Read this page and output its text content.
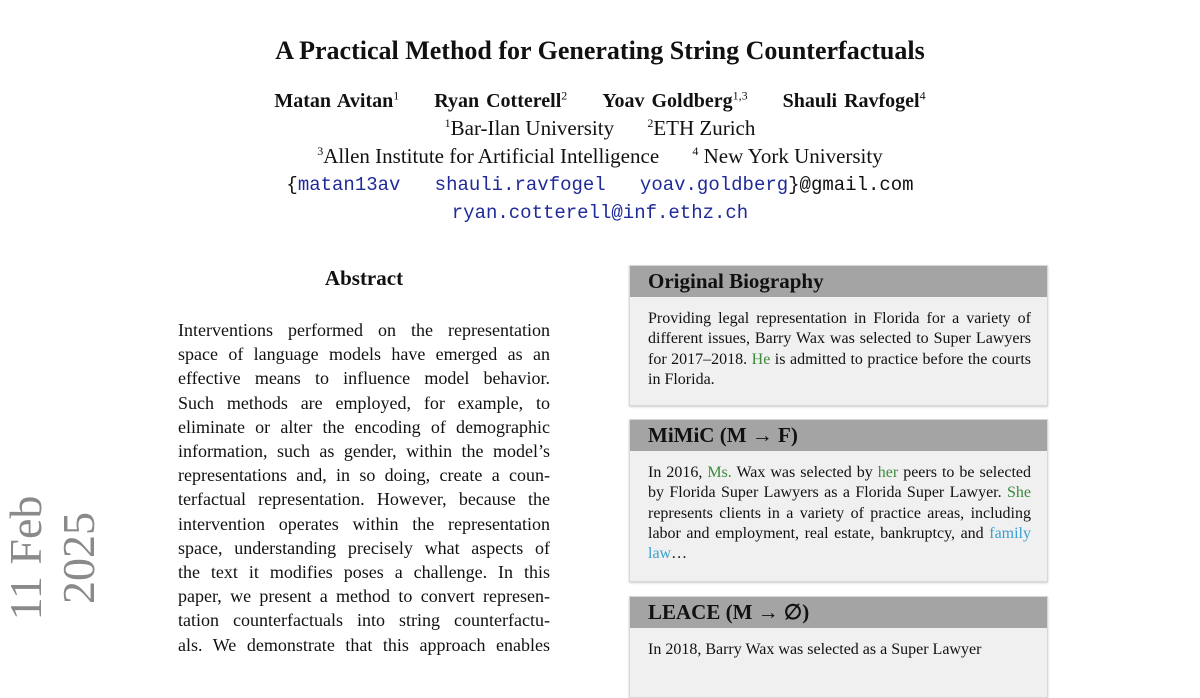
A Practical Method for Generating String Counterfactuals
Matan Avitan$^1$ Ryan Cotterell$^2$ Yoav Goldberg$^{1,3}$ Shauli Ravfogel$^4$
$^1$Bar-Ilan University	$^2$ETH Zurich
$^3$Allen Institute for Artificial Intelligence	$^4$ New York University
{matan13av shauli.ravfogel yoav.goldberg}@gmail.com
ryan.cotterell@inf.ethz.ch
11 Feb 2025
Abstract
Interventions performed on the representation
space of language models have emerged as an
effective means to influence model behavior.
Such methods are employed, for example, to
eliminate or alter the encoding of demographic
information, such as gender, within the model’s
representations and, in so doing, create a coun-
terfactual representation. However, because the
intervention operates within the representation
space, understanding precisely what aspects of
the text it modifies poses a challenge. In this
paper, we present a method to convert represen-
tation counterfactuals into string counterfactu-
als. We demonstrate that this approach enables
Original Biography
Providing legal representation in Florida for a variety of different issues, Barry Wax was selected to Super Lawyers for 2017–2018. He is admitted to practice before the courts in Florida.
MiMiC (M → F)
In 2016, Ms. Wax was selected by her peers to be selected by Florida Super Lawyers as a Florida Super Lawyer. She represents clients in a variety of practice areas, including labor and employment, real estate, bankruptcy, and family law…
LEACE (M → ∅)
In 2018, Barry Wax was selected as a Super Lawyer
